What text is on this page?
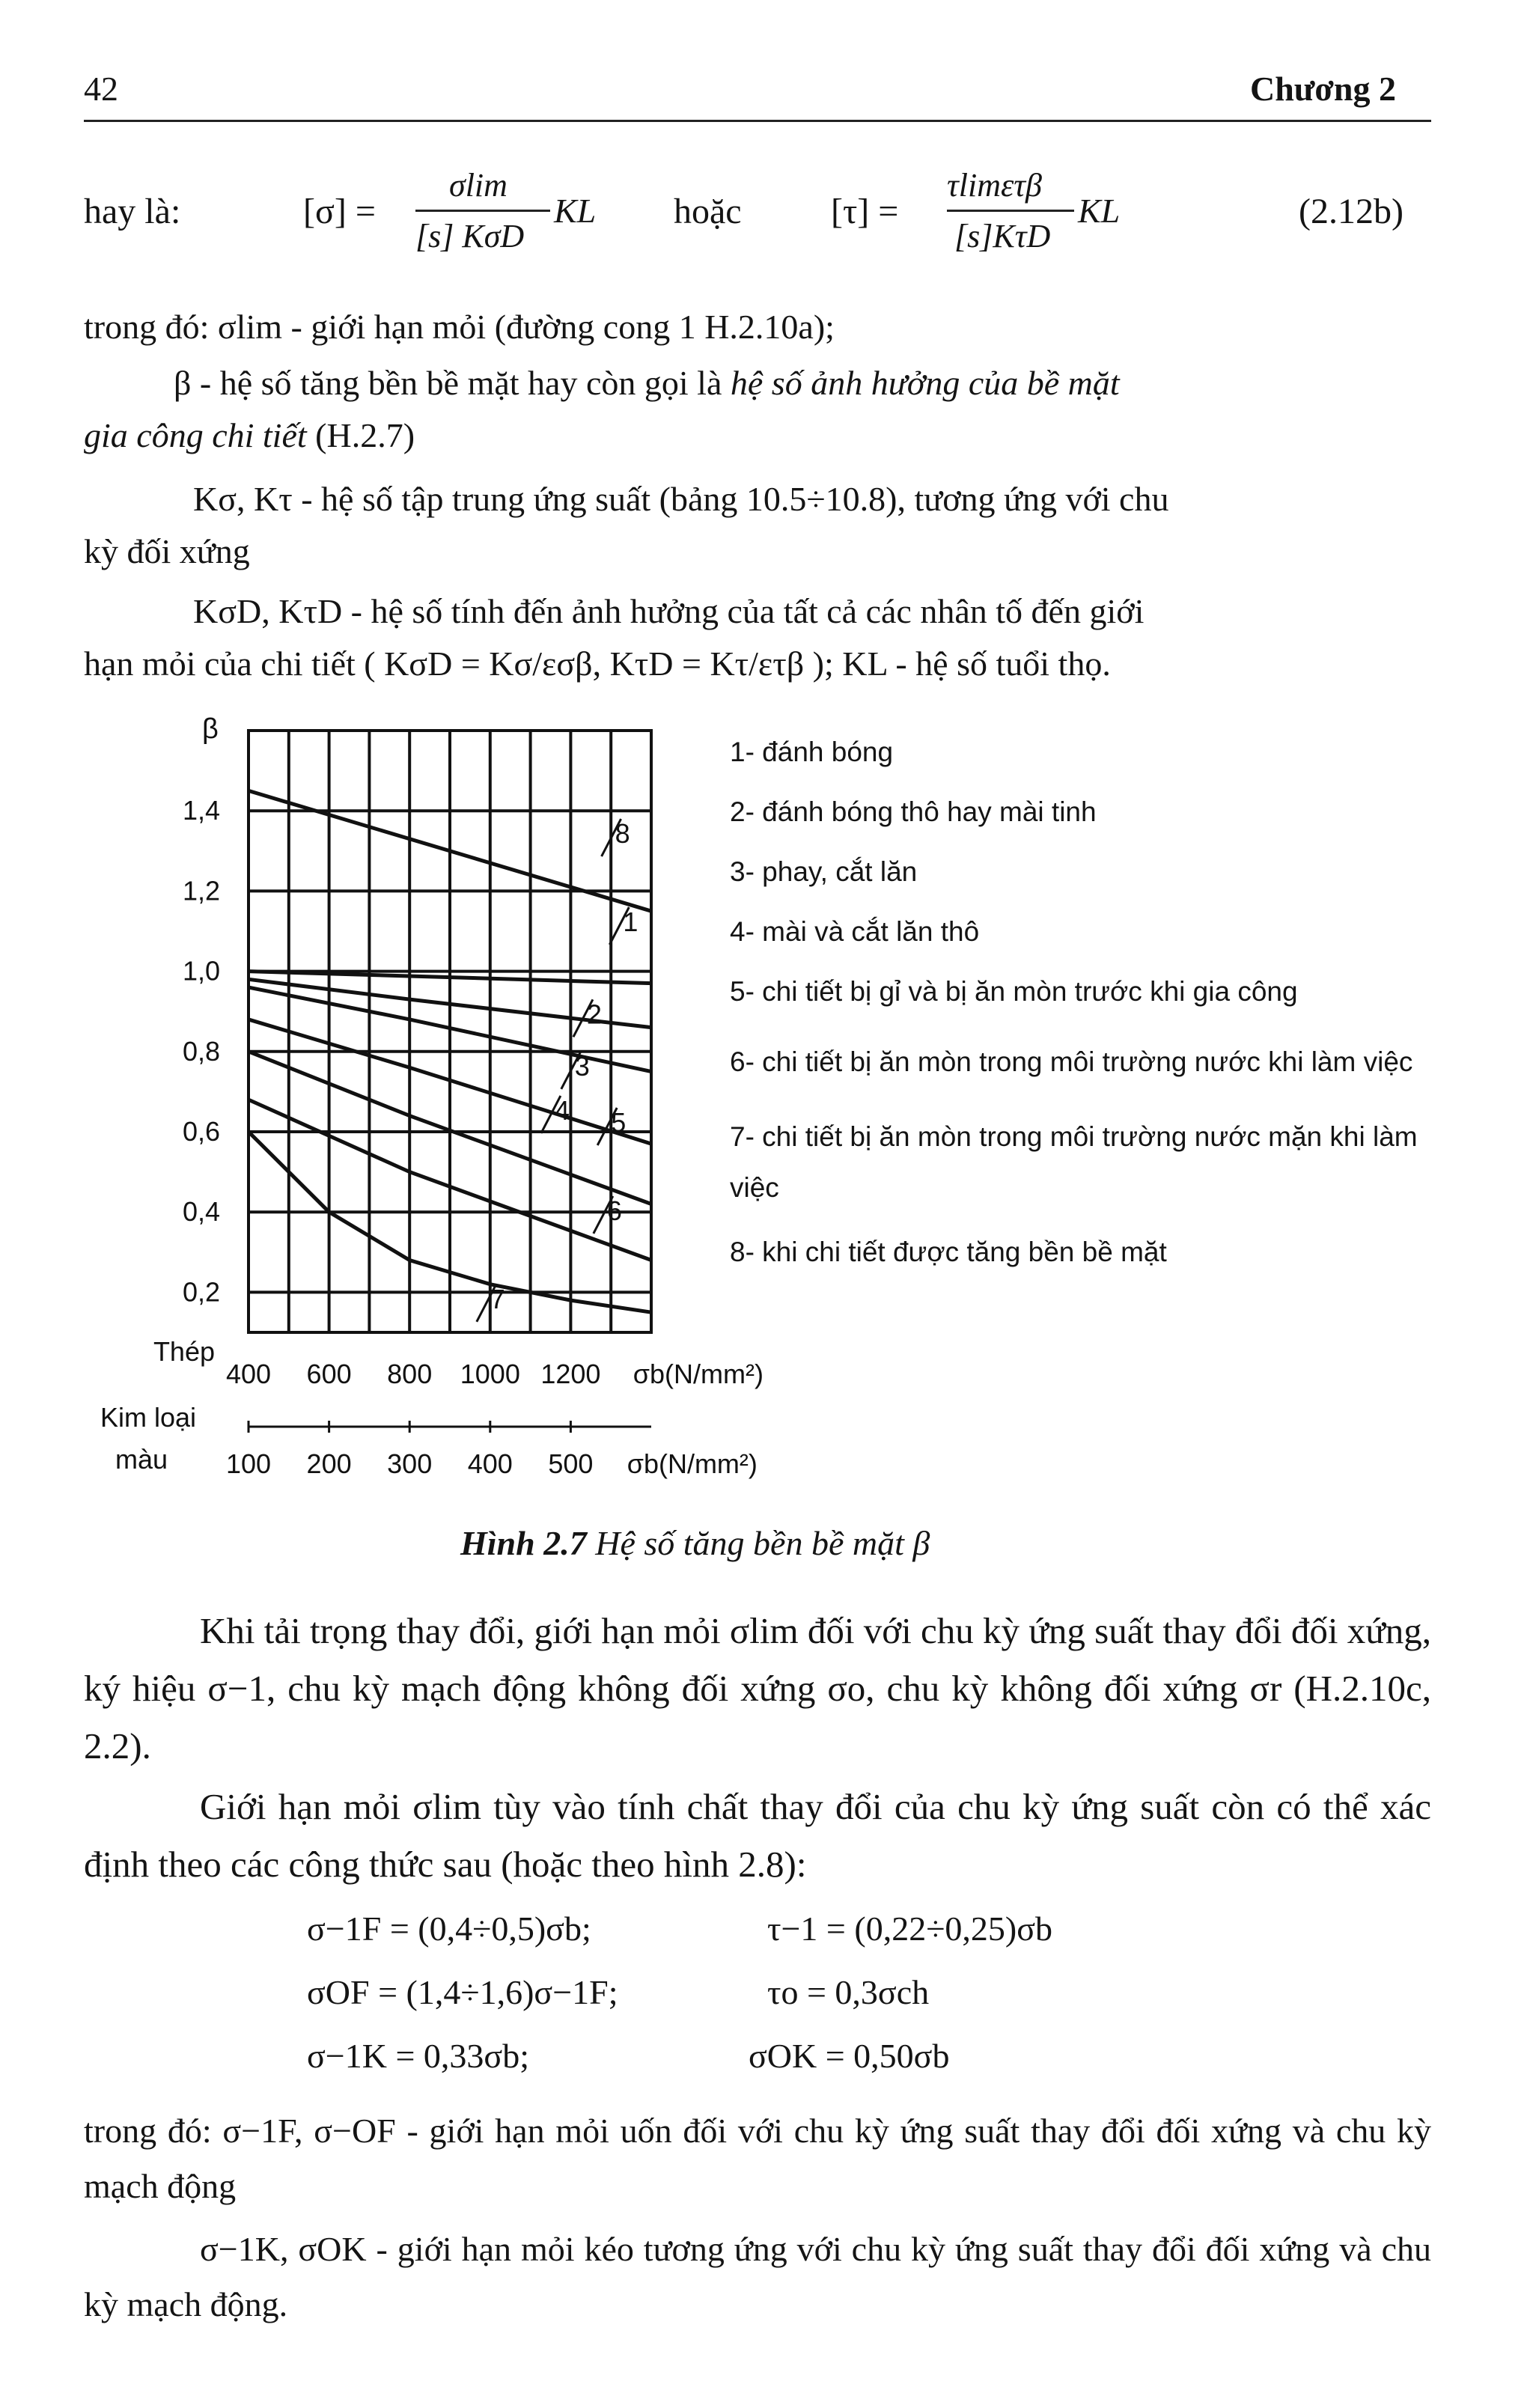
42	Chương 2
hay là:	[σ] =
σlim
[s] KσD
KL hoặc [τ] =
τlimετβ
[s]KτD
KL	(2.12b)
trong đó: σlim - giới hạn mỏi (đường cong 1 H.2.10a);
β - hệ số tăng bền bề mặt hay còn gọi là hệ số ảnh hưởng của bề mặt
gia công chi tiết (H.2.7)
Kσ, Kτ - hệ số tập trung ứng suất (bảng 10.5÷10.8), tương ứng với chu
kỳ đối xứng
KσD, KτD - hệ số tính đến ảnh hưởng của tất cả các nhân tố đến giới
hạn mỏi của chi tiết ( KσD = Kσ/εσβ, KτD = Kτ/ετβ ); KL - hệ số tuổi thọ.
1
2
3
4 5
6
7
8
β
1,4
1,2
1,0
0,8
0,6
0,4
0,2
Thép
400 600 800 1000 1200 σb(N/mm²)
Kim loại
màu 100 200 300 400 500 σb(N/mm²)
1- đánh bóng
2- đánh bóng thô hay mài tinh
3- phay, cắt lăn
4- mài và cắt lăn thô
5- chi tiết bị gỉ và bị ăn mòn trước khi gia công
6- chi tiết bị ăn mòn trong môi trường nước khi làm việc
7- chi tiết bị ăn mòn trong môi trường nước mặn khi làm việc
8- khi chi tiết được tăng bền bề mặt
Hình 2.7 Hệ số tăng bền bề mặt β
Khi tải trọng thay đổi, giới hạn mỏi σlim đối với chu kỳ ứng suất thay đổi đối xứng, ký hiệu σ−1, chu kỳ mạch động không đối xứng σo, chu kỳ không đối xứng σr (H.2.10c, 2.2).
Giới hạn mỏi σlim tùy vào tính chất thay đổi của chu kỳ ứng suất còn có thể xác định theo các công thức sau (hoặc theo hình 2.8):
σ−1F = (0,4÷0,5)σb;	τ−1 = (0,22÷0,25)σb
σOF = (1,4÷1,6)σ−1F;	τo = 0,3σch
σ−1K = 0,33σb;	σOK = 0,50σb
trong đó: σ−1F, σ−OF - giới hạn mỏi uốn đối với chu kỳ ứng suất thay đổi đối xứng và chu kỳ mạch động
σ−1K, σOK - giới hạn mỏi kéo tương ứng với chu kỳ ứng suất thay đổi đối xứng và chu kỳ mạch động.
